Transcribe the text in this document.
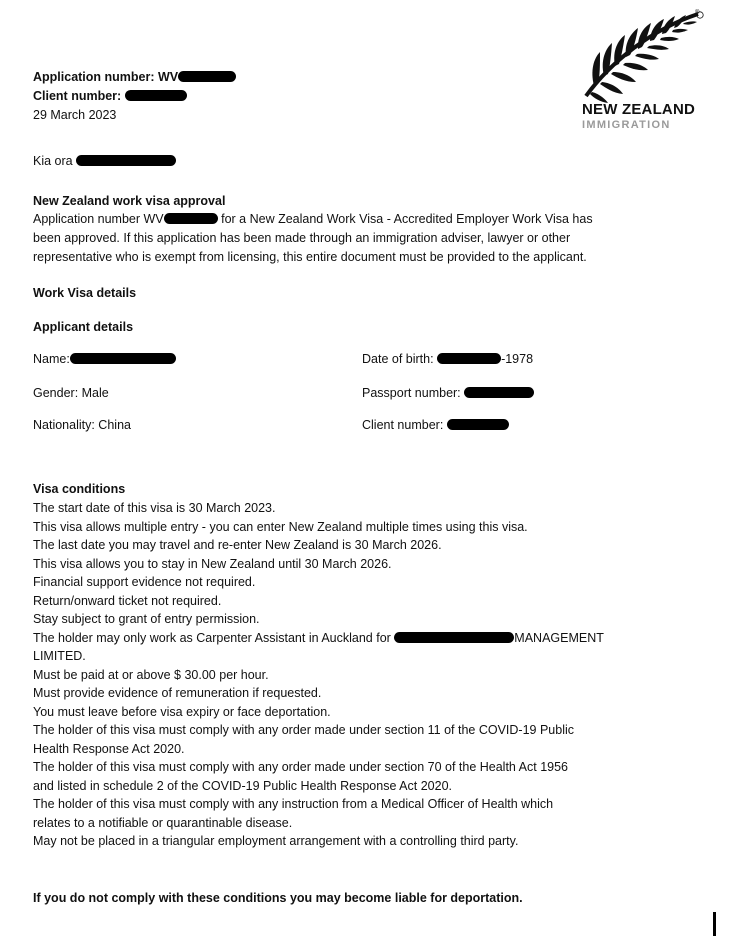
®
NEW ZEALAND
IMMIGRATION
Application number: WV
Client number:
29 March 2023
Kia ora
New Zealand work visa approval
Application number WV	for a New Zealand Work Visa - Accredited Employer Work Visa has
been approved. If this application has been made through an immigration adviser, lawyer or other
representative who is exempt from licensing, this entire document must be provided to the applicant.
Work Visa details
Applicant details
Name:	Date of birth:	-1978
Gender: Male	Passport number:
Nationality: China	Client number:
Visa conditions
The start date of this visa is 30 March 2023.
This visa allows multiple entry - you can enter New Zealand multiple times using this visa.
The last date you may travel and re-enter New Zealand is 30 March 2026.
This visa allows you to stay in New Zealand until 30 March 2026.
Financial support evidence not required.
Return/onward ticket not required.
Stay subject to grant of entry permission.
The holder may only work as Carpenter Assistant in Auckland for	MANAGEMENT
LIMITED.
Must be paid at or above $ 30.00 per hour.
Must provide evidence of remuneration if requested.
You must leave before visa expiry or face deportation.
The holder of this visa must comply with any order made under section 11 of the COVID-19 Public
Health Response Act 2020.
The holder of this visa must comply with any order made under section 70 of the Health Act 1956
and listed in schedule 2 of the COVID-19 Public Health Response Act 2020.
The holder of this visa must comply with any instruction from a Medical Officer of Health which
relates to a notifiable or quarantinable disease.
May not be placed in a triangular employment arrangement with a controlling third party.
If you do not comply with these conditions you may become liable for deportation.
